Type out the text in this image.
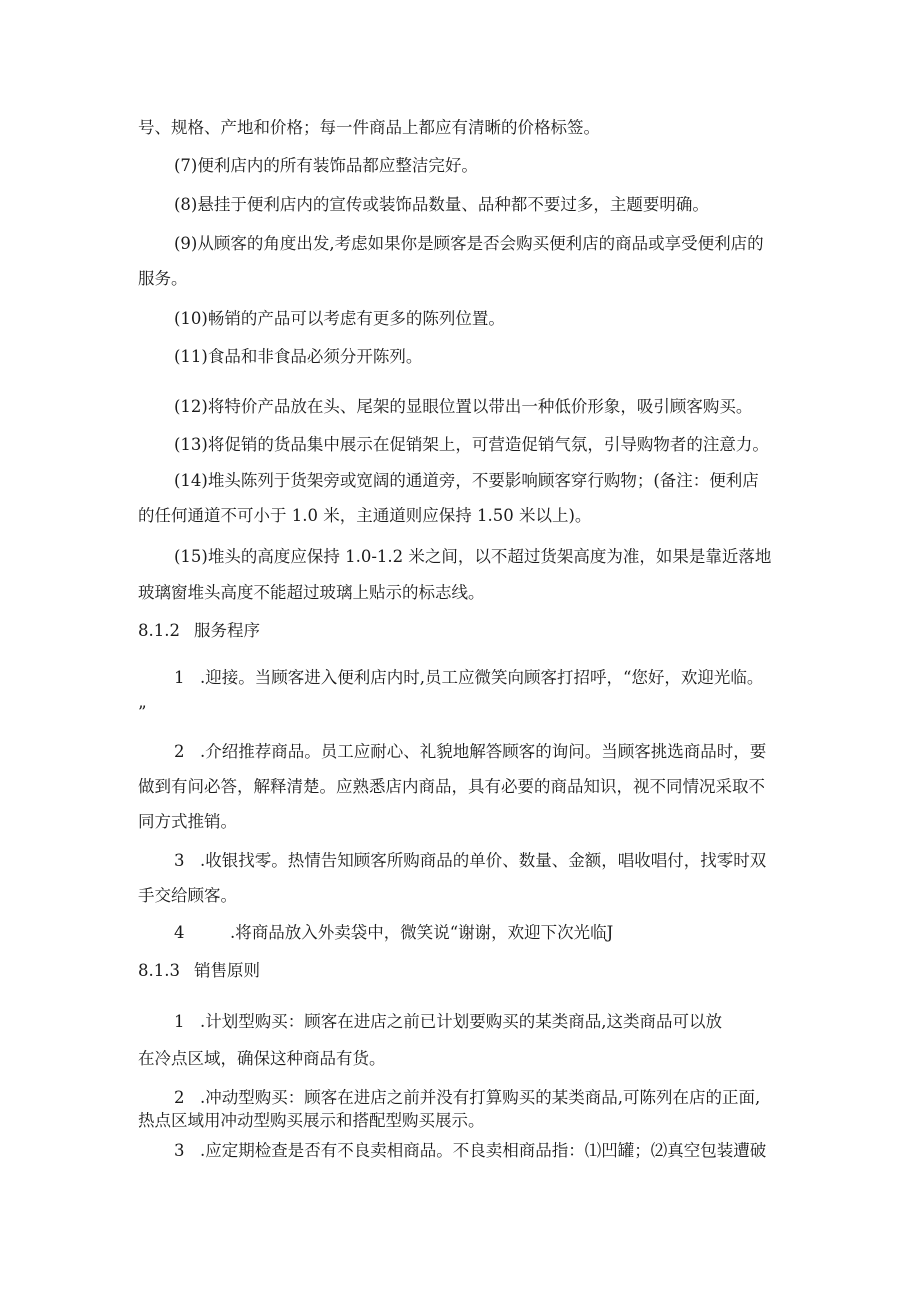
号、规格、产地和价格；每一件商品上都应有清晰的价格标签。

(7)便利店内的所有装饰品都应整洁完好。

(8)悬挂于便利店内的宣传或装饰品数量、品种都不要过多，主题要明确。

(9)从顾客的角度出发,考虑如果你是顾客是否会购买便利店的商品或享受便利店的

服务。

(10)畅销的产品可以考虑有更多的陈列位置。

(11)食品和非食品必须分开陈列。

(12)将特价产品放在头、尾架的显眼位置以带出一种低价形象，吸引顾客购买。

(13)将促销的货品集中展示在促销架上，可营造促销气氛，引导购物者的注意力。

(14)堆头陈列于货架旁或宽阔的通道旁，不要影响顾客穿行购物；(备注：便利店

的任何通道不可小于 1.0 米，主通道则应保持 1.50 米以上)。

(15)堆头的高度应保持 1.0-1.2 米之间，以不超过货架高度为准，如果是靠近落地

玻璃窗堆头高度不能超过玻璃上贴示的标志线。

8.1.2 服务程序

1 .迎接。当顾客进入便利店内时,员工应微笑向顾客打招呼，“您好，欢迎光临。

”

2 .介绍推荐商品。员工应耐心、礼貌地解答顾客的询问。当顾客挑选商品时，要

做到有问必答，解释清楚。应熟悉店内商品，具有必要的商品知识，视不同情况采取不

同方式推销。

3 .收银找零。热情告知顾客所购商品的单价、数量、金额，唱收唱付，找零时双

手交给顾客。

4	.将商品放入外卖袋中，微笑说“谢谢，欢迎下次光临J

8.1.3 销售原则

1 .计划型购买：顾客在进店之前已计划要购买的某类商品,这类商品可以放

在冷点区域，确保这种商品有货。

2 .冲动型购买：顾客在进店之前并没有打算购买的某类商品,可陈列在店的正面,

热点区域用冲动型购买展示和搭配型购买展示。

3 .应定期检查是否有不良卖相商品。不良卖相商品指：⑴凹罐；⑵真空包装遭破
